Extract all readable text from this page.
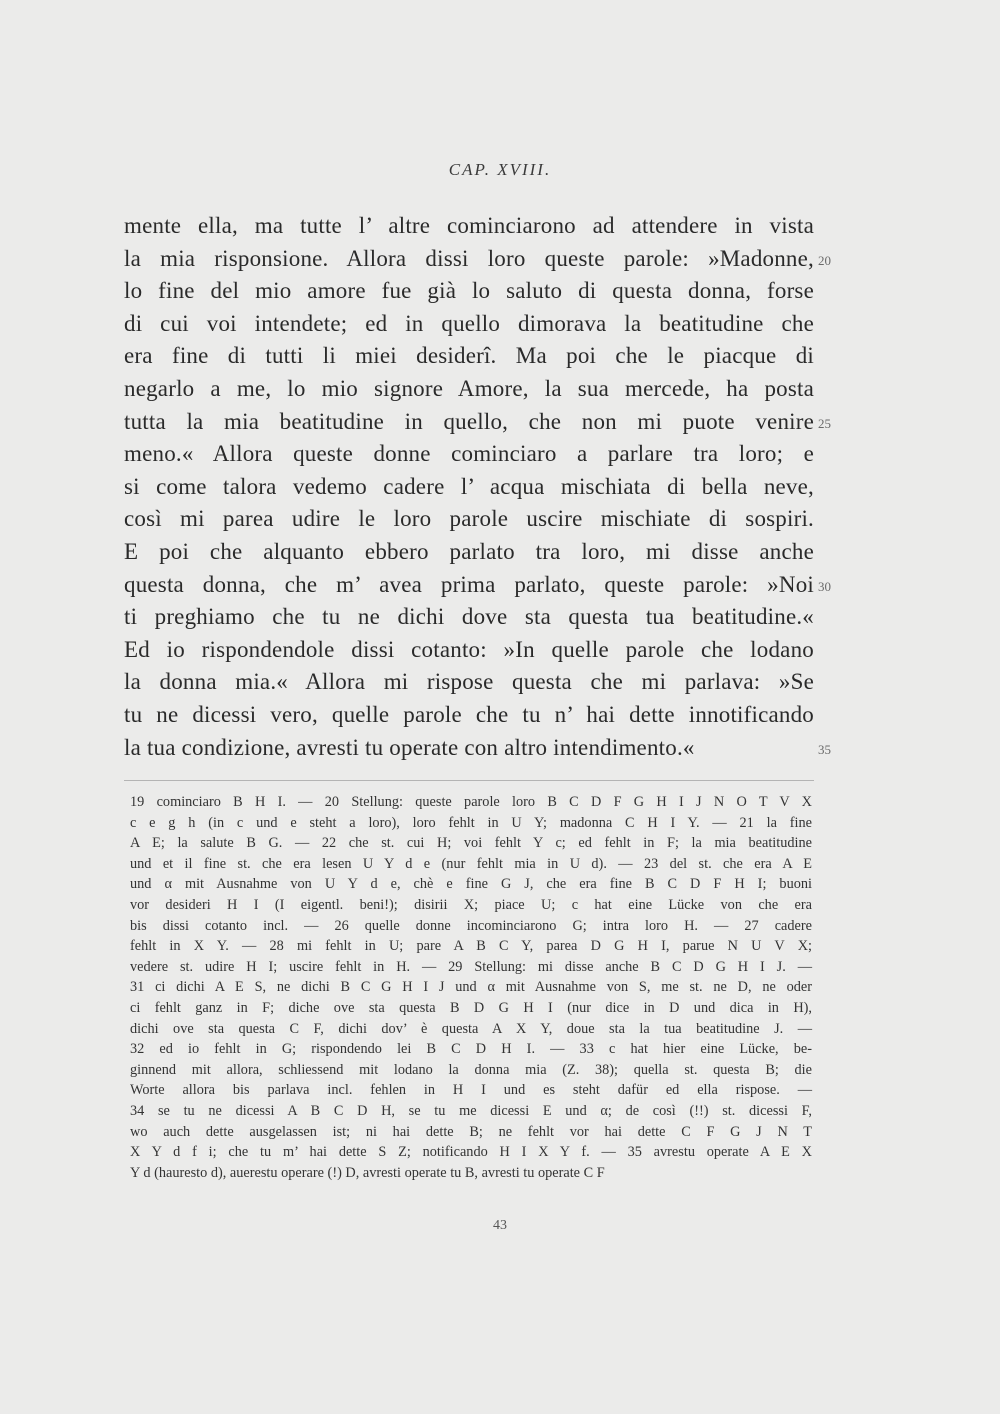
CAP. XVIII.
mente ella, ma tutte l’ altre cominciarono ad attendere in vista
la mia risponsione. Allora dissi loro queste parole: »Madonne,
lo fine del mio amore fue già lo saluto di questa donna, forse
di cui voi intendete; ed in quello dimorava la beatitudine che
era fine di tutti li miei desiderî. Ma poi che le piacque di
negarlo a me, lo mio signore Amore, la sua mercede, ha posta
tutta la mia beatitudine in quello, che non mi puote venire
meno.« Allora queste donne cominciaro a parlare tra loro; e
si come talora vedemo cadere l’ acqua mischiata di bella neve,
così mi parea udire le loro parole uscire mischiate di sospiri.
E poi che alquanto ebbero parlato tra loro, mi disse anche
questa donna, che m’ avea prima parlato, queste parole: »Noi
ti preghiamo che tu ne dichi dove sta questa tua beatitudine.«
Ed io rispondendole dissi cotanto: »In quelle parole che lodano
la donna mia.« Allora mi rispose questa che mi parlava: »Se
tu ne dicessi vero, quelle parole che tu n’ hai dette innotificando
la tua condizione, avresti tu operate con altro intendimento.«
20
25
30
35
19 cominciaro B H I. — 20 Stellung: queste parole loro B C D F G H I J N O T V X
c e g h (in c und e steht a loro), loro fehlt in U Y; madonna C H I Y. — 21 la fine
A E; la salute B G. — 22 che st. cui H; voi fehlt Y c; ed fehlt in F; la mia beatitudine
und et il fine st. che era lesen U Y d e (nur fehlt mia in U d). — 23 del st. che era A E
und α mit Ausnahme von U Y d e, chè e fine G J, che era fine B C D F H I; buoni
vor desideri H I (I eigentl. beni!); disirii X; piace U; c hat eine Lücke von che era
bis dissi cotanto incl. — 26 quelle donne incominciarono G; intra loro H. — 27 cadere
fehlt in X Y. — 28 mi fehlt in U; pare A B C Y, parea D G H I, parue N U V X;
vedere st. udire H I; uscire fehlt in H. — 29 Stellung: mi disse anche B C D G H I J. —
31 ci dichi A E S, ne dichi B C G H I J und α mit Ausnahme von S, me st. ne D, ne oder
ci fehlt ganz in F; diche ove sta questa B D G H I (nur dice in D und dica in H),
dichi ove sta questa C F, dichi dov’ è questa A X Y, doue sta la tua beatitudine J. —
32 ed io fehlt in G; rispondendo lei B C D H I. — 33 c hat hier eine Lücke, be-
ginnend mit allora, schliessend mit lodano la donna mia (Z. 38); quella st. questa B; die
Worte allora bis parlava incl. fehlen in H I und es steht dafür ed ella rispose. —
34 se tu ne dicessi A B C D H, se tu me dicessi E und α; de così (!!) st. dicessi F,
wo auch dette ausgelassen ist; ni hai dette B; ne fehlt vor hai dette C F G J N T
X Y d f i; che tu m’ hai dette S Z; notificando H I X Y f. — 35 avrestu operate A E X
Y d (hauresto d), auerestu operare (!) D, avresti operate tu B, avresti tu operate C F
43
